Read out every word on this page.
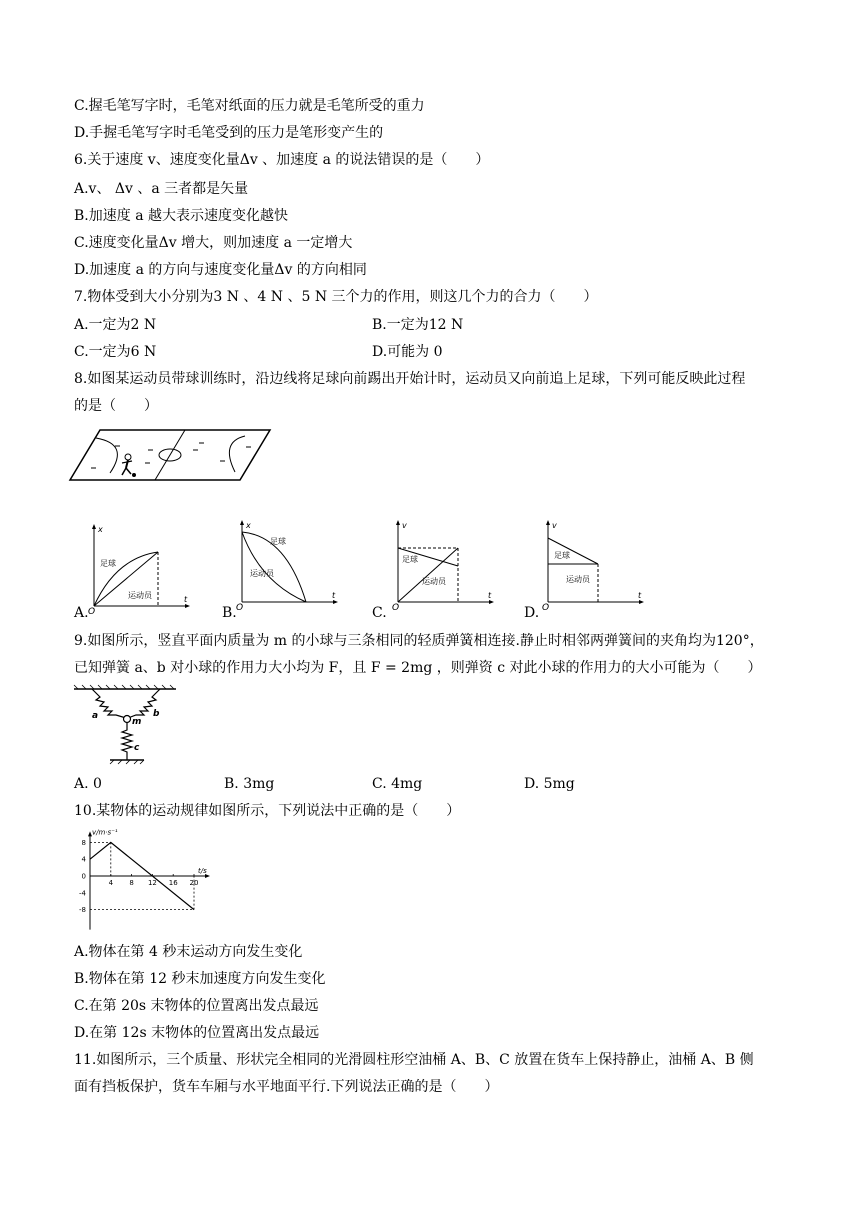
C.握毛笔写字时，毛笔对纸面的压力就是毛笔所受的重力
D.手握毛笔写字时毛笔受到的压力是笔形变产生的
6.关于速度 v、速度变化量Δv 、加速度 a 的说法错误的是（　　）
A.v、 Δv 、a 三者都是矢量
B.加速度 a 越大表示速度变化越快
C.速度变化量Δv 增大，则加速度 a 一定增大
D.加速度 a 的方向与速度变化量Δv 的方向相同
7.物体受到大小分别为3 N 、4 N 、5 N 三个力的作用，则这几个力的合力（　　）
A.一定为2 N	B.一定为12 N
C.一定为6 N	D.可能为 0
8.如图某运动员带球训练时，沿边线将足球向前踢出开始计时，运动员又向前追上足球，下列可能反映此过程
的是（　　）
x
t
O
足球
运动员
x
t
O
足球
运动员
v
t
O
足球
运动员
v
t
O
足球
运动员
A.	B.	C.	D.
9.如图所示，竖直平面内质量为 m 的小球与三条相同的轻质弹簧相连接.静止时相邻两弹簧间的夹角均为120°，
已知弹簧 a、b 对小球的作用力大小均为 F，且 F = 2mg ，则弹资 c 对此小球的作用力的大小可能为（　　）
a	b
m
c
A. 0	B. 3mg	C. 4mg	D. 5mg
10.某物体的运动规律如图所示，下列说法中正确的是（　　）
v/m·s⁻¹
t/s
8
4
0
-4
-8
4 8 12 16 20
A.物体在第 4 秒末运动方向发生变化
B.物体在第 12 秒末加速度方向发生变化
C.在第 20s 末物体的位置离出发点最远
D.在第 12s 末物体的位置离出发点最远
11.如图所示，三个质量、形状完全相同的光滑圆柱形空油桶 A、B、C 放置在货车上保持静止，油桶 A、B 侧
面有挡板保护，货车车厢与水平地面平行.下列说法正确的是（　　）
